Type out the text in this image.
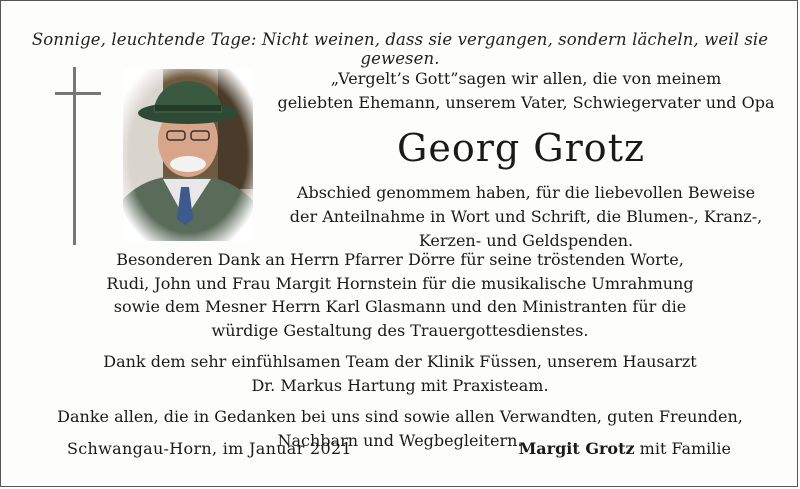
Sonnige, leuchtende Tage: Nicht weinen, dass sie vergangen, sondern lächeln, weil sie gewesen.
„Vergelt’s Gott”sagen wir allen, die von meinem
geliebten Ehemann, unserem Vater, Schwiegervater und Opa
Georg Grotz
Abschied genommem haben, für die liebevollen Beweise
der Anteilnahme in Wort und Schrift, die Blumen-, Kranz-,
Kerzen- und Geldspenden.

Besonderen Dank an Herrn Pfarrer Dörre für seine tröstenden Worte,
Rudi, John und Frau Margit Hornstein für die musikalische Umrahmung
sowie dem Mesner Herrn Karl Glasmann und den Ministranten für die
würdige Gestaltung des Trauergottesdienstes.

Dank dem sehr einfühlsamen Team der Klinik Füssen, unserem Hausarzt
Dr. Markus Hartung mit Praxisteam.

Danke allen, die in Gedanken bei uns sind sowie allen Verwandten, guten Freunden,
Nachbarn und Wegbegleitern.

Schwangau-Horn, im Januar 2021	Margit Grotz mit Familie
